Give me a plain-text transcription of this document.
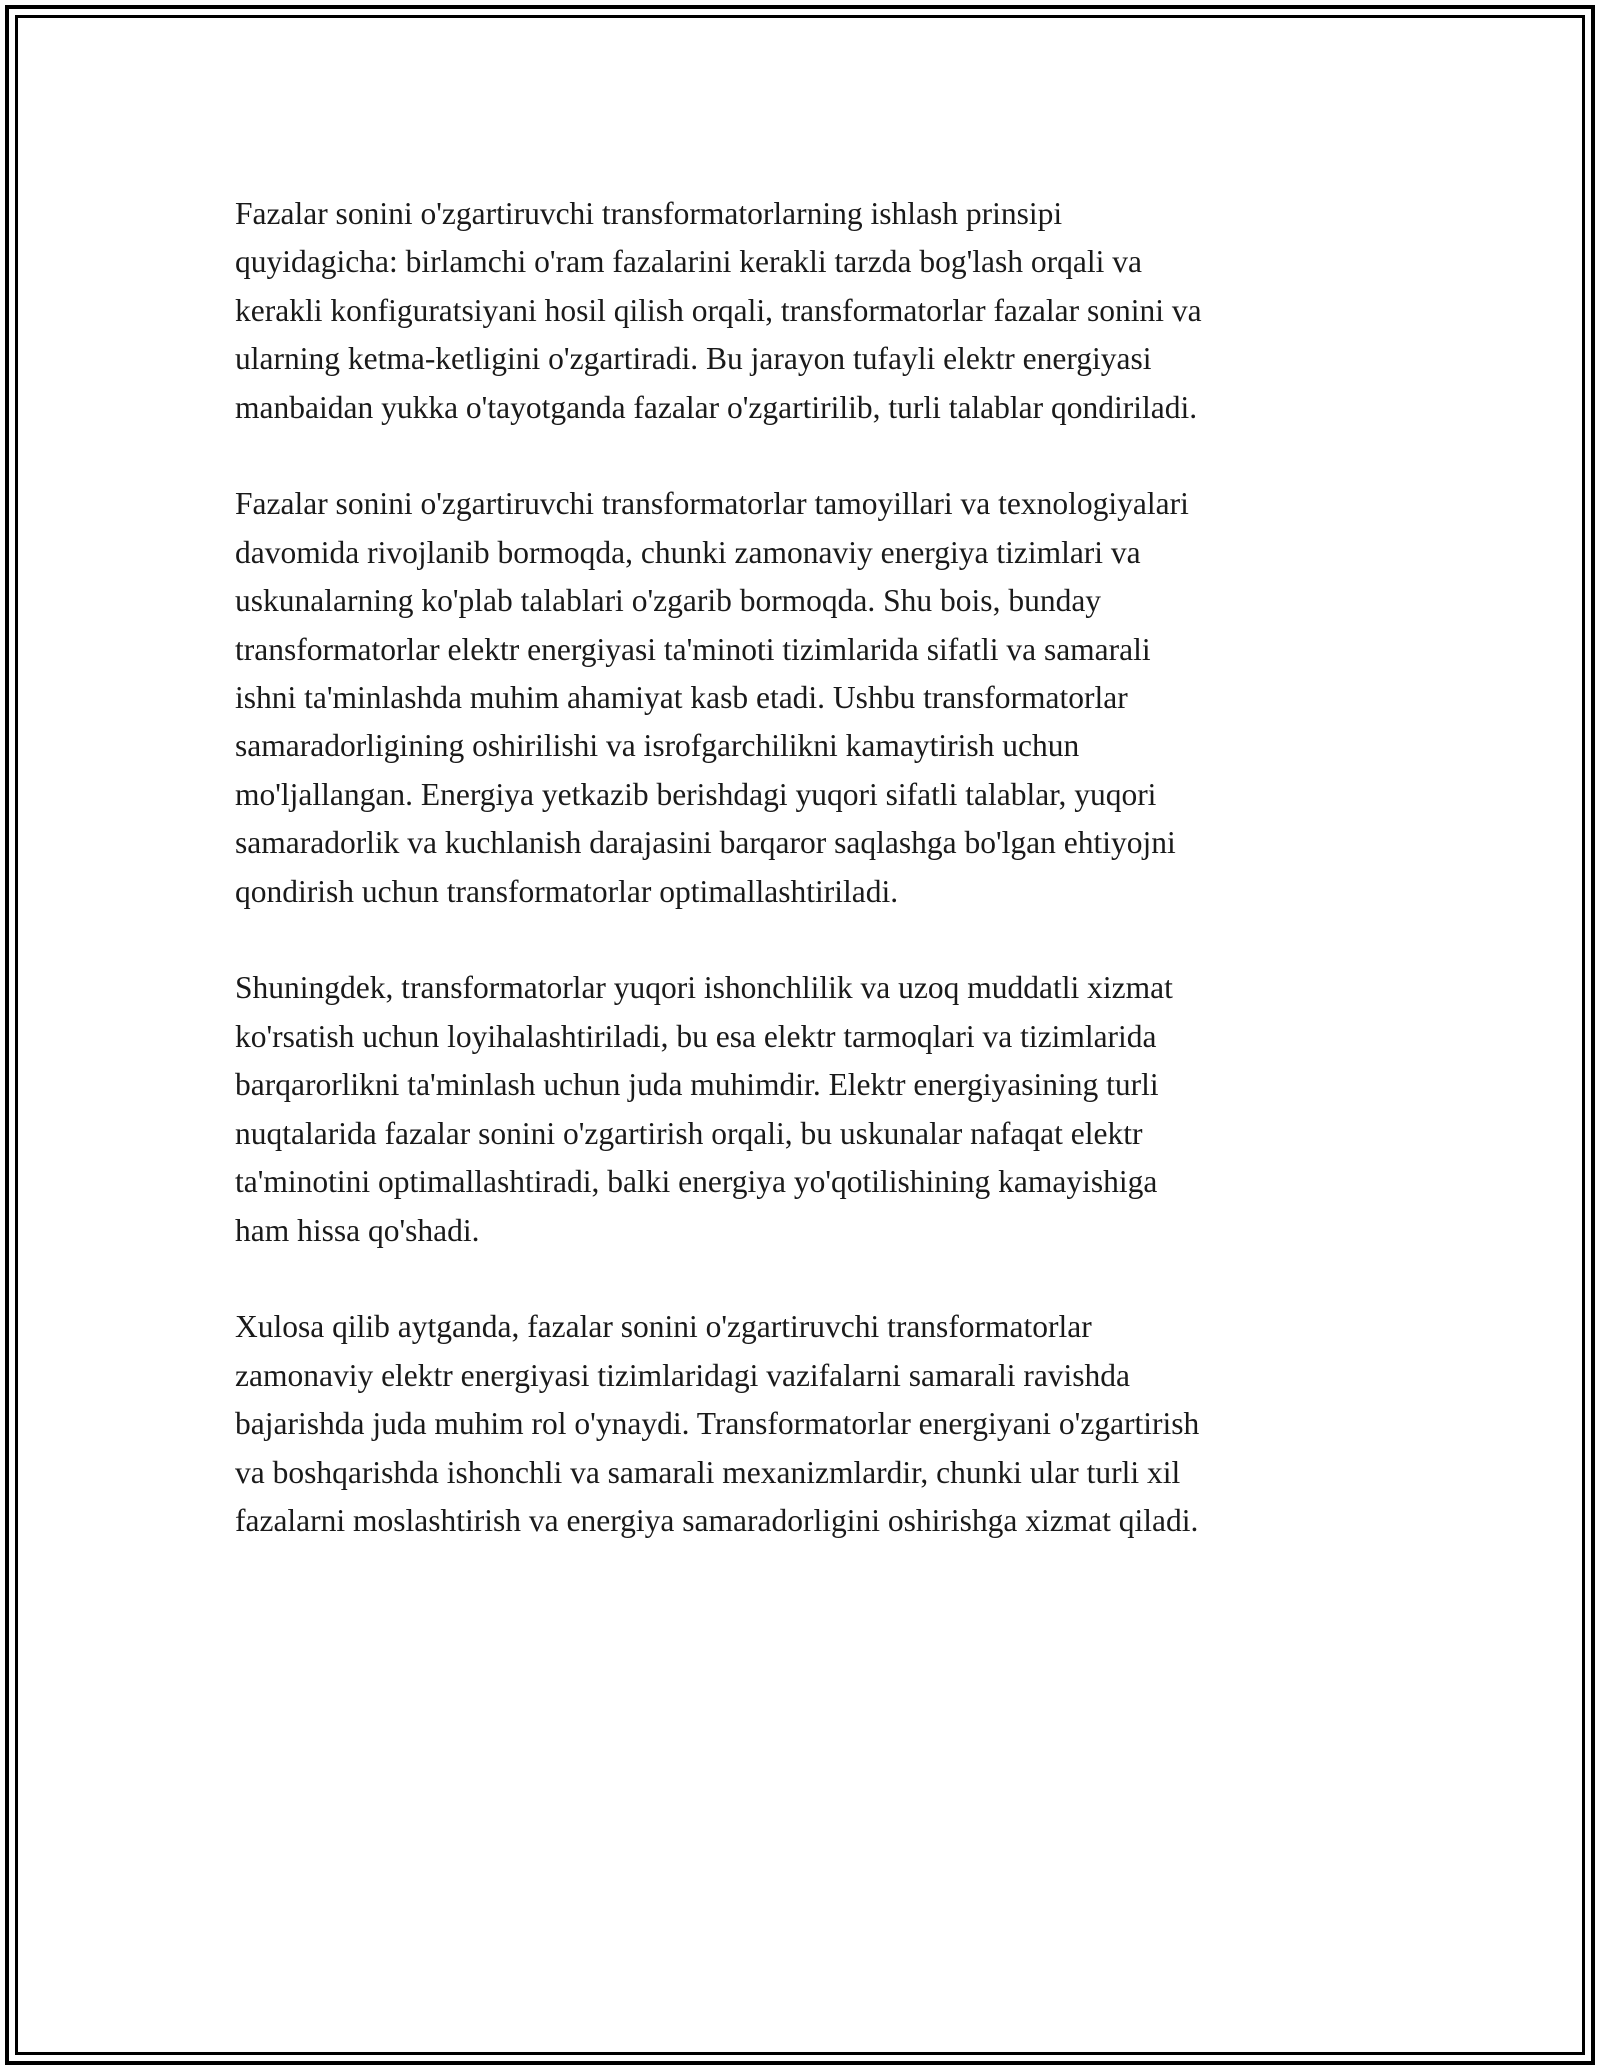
Fazalar sonini o'zgartiruvchi transformatorlarning ishlash prinsipi
quyidagicha: birlamchi o'ram fazalarini kerakli tarzda bog'lash orqali va
kerakli konfiguratsiyani hosil qilish orqali, transformatorlar fazalar sonini va
ularning ketma-ketligini o'zgartiradi. Bu jarayon tufayli elektr energiyasi
manbaidan yukka o'tayotganda fazalar o'zgartirilib, turli talablar qondiriladi.

Fazalar sonini o'zgartiruvchi transformatorlar tamoyillari va texnologiyalari
davomida rivojlanib bormoqda, chunki zamonaviy energiya tizimlari va
uskunalarning ko'plab talablari o'zgarib bormoqda. Shu bois, bunday
transformatorlar elektr energiyasi ta'minoti tizimlarida sifatli va samarali
ishni ta'minlashda muhim ahamiyat kasb etadi. Ushbu transformatorlar
samaradorligining oshirilishi va isrofgarchilikni kamaytirish uchun
mo'ljallangan. Energiya yetkazib berishdagi yuqori sifatli talablar, yuqori
samaradorlik va kuchlanish darajasini barqaror saqlashga bo'lgan ehtiyojni
qondirish uchun transformatorlar optimallashtiriladi.

Shuningdek, transformatorlar yuqori ishonchlilik va uzoq muddatli xizmat
ko'rsatish uchun loyihalashtiriladi, bu esa elektr tarmoqlari va tizimlarida
barqarorlikni ta'minlash uchun juda muhimdir. Elektr energiyasining turli
nuqtalarida fazalar sonini o'zgartirish orqali, bu uskunalar nafaqat elektr
ta'minotini optimallashtiradi, balki energiya yo'qotilishining kamayishiga
ham hissa qo'shadi.

Xulosa qilib aytganda, fazalar sonini o'zgartiruvchi transformatorlar
zamonaviy elektr energiyasi tizimlaridagi vazifalarni samarali ravishda
bajarishda juda muhim rol o'ynaydi. Transformatorlar energiyani o'zgartirish
va boshqarishda ishonchli va samarali mexanizmlardir, chunki ular turli xil
fazalarni moslashtirish va energiya samaradorligini oshirishga xizmat qiladi.
